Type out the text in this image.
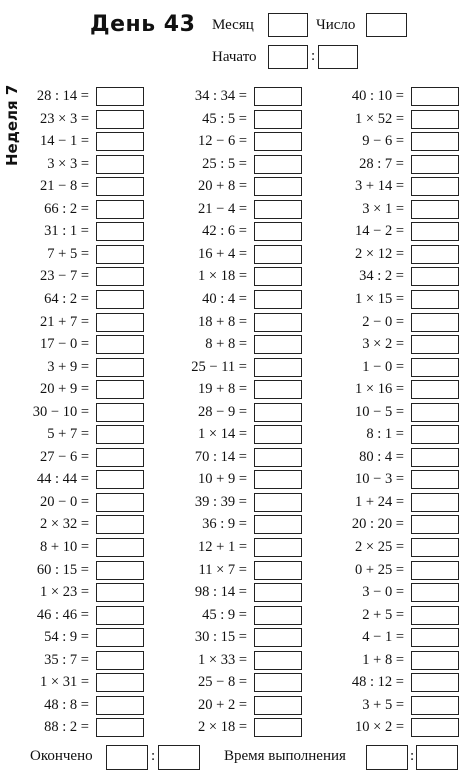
День 43
Неделя 7
Месяц	Число
Начато	:
28 : 14 =
23 × 3 =
14 − 1 =
3 × 3 =
21 − 8 =
66 : 2 =
31 : 1 =
7 + 5 =
23 − 7 =
64 : 2 =
21 + 7 =
17 − 0 =
3 + 9 =
20 + 9 =
30 − 10 =
5 + 7 =
27 − 6 =
44 : 44 =
20 − 0 =
2 × 32 =
8 + 10 =
60 : 15 =
1 × 23 =
46 : 46 =
54 : 9 =
35 : 7 =
1 × 31 =
48 : 8 =
88 : 2 =
34 : 34 =
45 : 5 =
12 − 6 =
25 : 5 =
20 + 8 =
21 − 4 =
42 : 6 =
16 + 4 =
1 × 18 =
40 : 4 =
18 + 8 =
8 + 8 =
25 − 11 =
19 + 8 =
28 − 9 =
1 × 14 =
70 : 14 =
10 + 9 =
39 : 39 =
36 : 9 =
12 + 1 =
11 × 7 =
98 : 14 =
45 : 9 =
30 : 15 =
1 × 33 =
25 − 8 =
20 + 2 =
2 × 18 =
40 : 10 =
1 × 52 =
9 − 6 =
28 : 7 =
3 + 14 =
3 × 1 =
14 − 2 =
2 × 12 =
34 : 2 =
1 × 15 =
2 − 0 =
3 × 2 =
1 − 0 =
1 × 16 =
10 − 5 =
8 : 1 =
80 : 4 =
10 − 3 =
1 + 24 =
20 : 20 =
2 × 25 =
0 + 25 =
3 − 0 =
2 + 5 =
4 − 1 =
1 + 8 =
48 : 12 =
3 + 5 =
10 × 2 =
Окончено	:	Время выполнения	:
